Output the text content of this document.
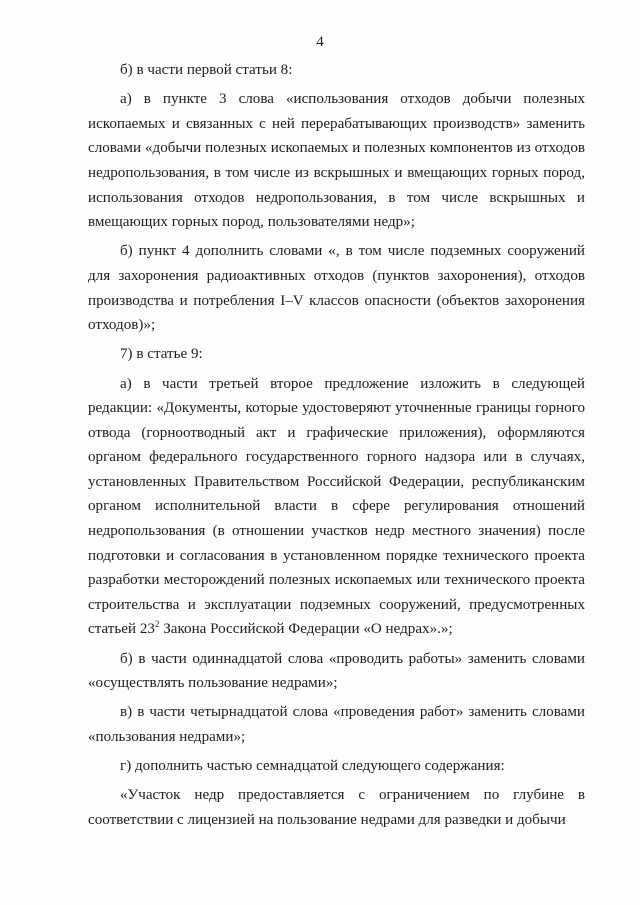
4

б) в части первой статьи 8:

а) в пункте 3 слова «использования отходов добычи полезных ископаемых и связанных с ней перерабатывающих производств» заменить словами «добычи полезных ископаемых и полезных компонентов из отходов недропользования, в том числе из вскрышных и вмещающих горных пород, использования отходов недропользования, в том числе вскрышных и вмещающих горных пород, пользователями недр»;

б) пункт 4 дополнить словами «, в том числе подземных сооружений для захоронения радиоактивных отходов (пунктов захоронения), отходов производства и потребления I–V классов опасности (объектов захоронения отходов)»;

7) в статье 9:

а) в части третьей второе предложение изложить в следующей редакции: «Документы, которые удостоверяют уточненные границы горного отвода (горноотводный акт и графические приложения), оформляются органом федерального государственного горного надзора или в случаях, установленных Правительством Российской Федерации, республиканским органом исполнительной власти в сфере регулирования отношений недропользования (в отношении участков недр местного значения) после подготовки и согласования в установленном порядке технического проекта разработки месторождений полезных ископаемых или технического проекта строительства и эксплуатации подземных сооружений, предусмотренных статьей $23^2$ Закона Российской Федерации «О недрах».»;

б) в части одиннадцатой слова «проводить работы» заменить словами «осуществлять пользование недрами»;

в) в части четырнадцатой слова «проведения работ» заменить словами «пользования недрами»;

г) дополнить частью семнадцатой следующего содержания:

«Участок недр предоставляется с ограничением по глубине в соответствии с лицензией на пользование недрами для разведки и добычи
